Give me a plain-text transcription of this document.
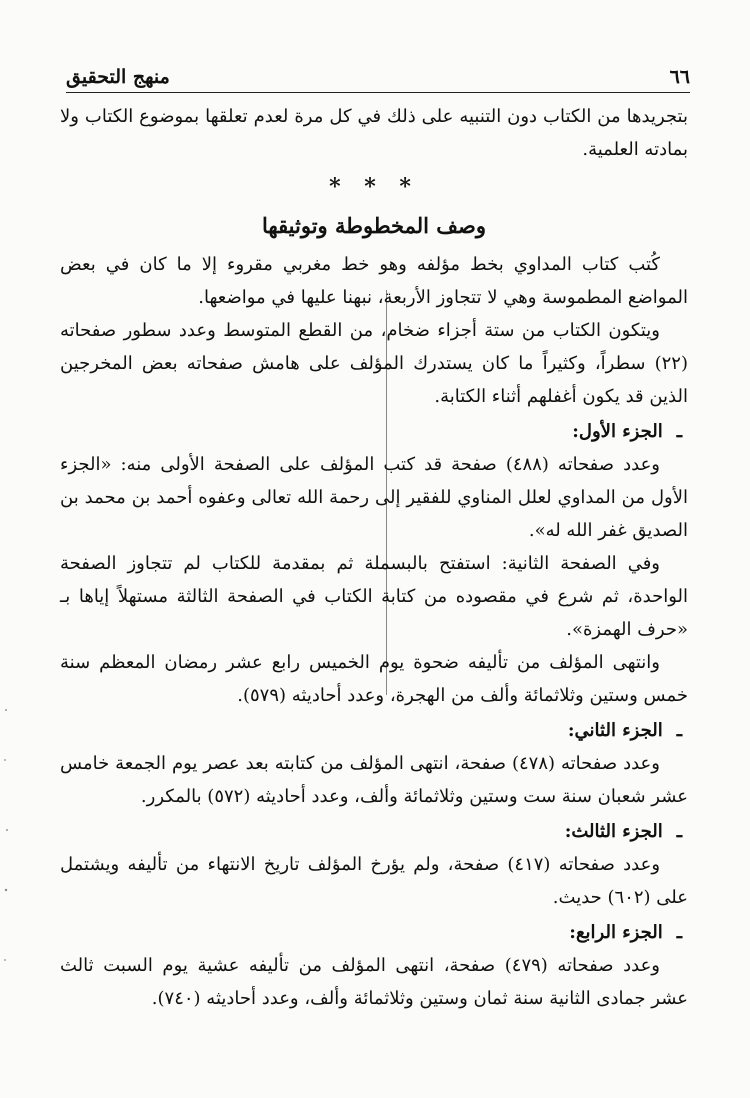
منهج التحقيق	٦٦

بتجريدها من الكتاب دون التنبيه على ذلك في كل مرة لعدم تعلقها بموضوع الكتاب ولا بمادته العلمية.

* * *
وصف المخطوطة وتوثيقها

كُتب كتاب المداوي بخط مؤلفه وهو خط مغربي مقروء إلا ما كان في بعض المواضع المطموسة وهي لا تتجاوز الأربعة، نبهنا عليها في مواضعها.

ويتكون الكتاب من ستة أجزاء ضخام، من القطع المتوسط وعدد سطور صفحاته (٢٢) سطراً، وكثيراً ما كان يستدرك المؤلف على هامش صفحاته بعض المخرجين الذين قد يكون أغفلهم أثناء الكتابة.

ـ
الجزء الأول:

وعدد صفحاته (٤٨٨) صفحة قد كتب المؤلف على الصفحة الأولى منه: «الجزء الأول من المداوي لعلل المناوي للفقير إلى رحمة الله تعالى وعفوه أحمد بن محمد بن الصديق غفر الله له».

وفي الصفحة الثانية: استفتح بالبسملة ثم بمقدمة للكتاب لم تتجاوز الصفحة الواحدة، ثم شرع في مقصوده من كتابة الكتاب في الصفحة الثالثة مستهلاً إياها بـ «حرف الهمزة».

وانتهى المؤلف من تأليفه ضحوة يوم الخميس رابع عشر رمضان المعظم سنة خمس وستين وثلاثمائة وألف من الهجرة، وعدد أحاديثه (٥٧٩).

ـ
الجزء الثاني:

وعدد صفحاته (٤٧٨) صفحة، انتهى المؤلف من كتابته بعد عصر يوم الجمعة خامس عشر شعبان سنة ست وستين وثلاثمائة وألف، وعدد أحاديثه (٥٧٢) بالمكرر.

ـ
الجزء الثالث:

وعدد صفحاته (٤١٧) صفحة، ولم يؤرخ المؤلف تاريخ الانتهاء من تأليفه ويشتمل على (٦٠٢) حديث.

ـ
الجزء الرابع:

وعدد صفحاته (٤٧٩) صفحة، انتهى المؤلف من تأليفه عشية يوم السبت ثالث عشر جمادى الثانية سنة ثمان وستين وثلاثمائة وألف، وعدد أحاديثه (٧٤٠).
